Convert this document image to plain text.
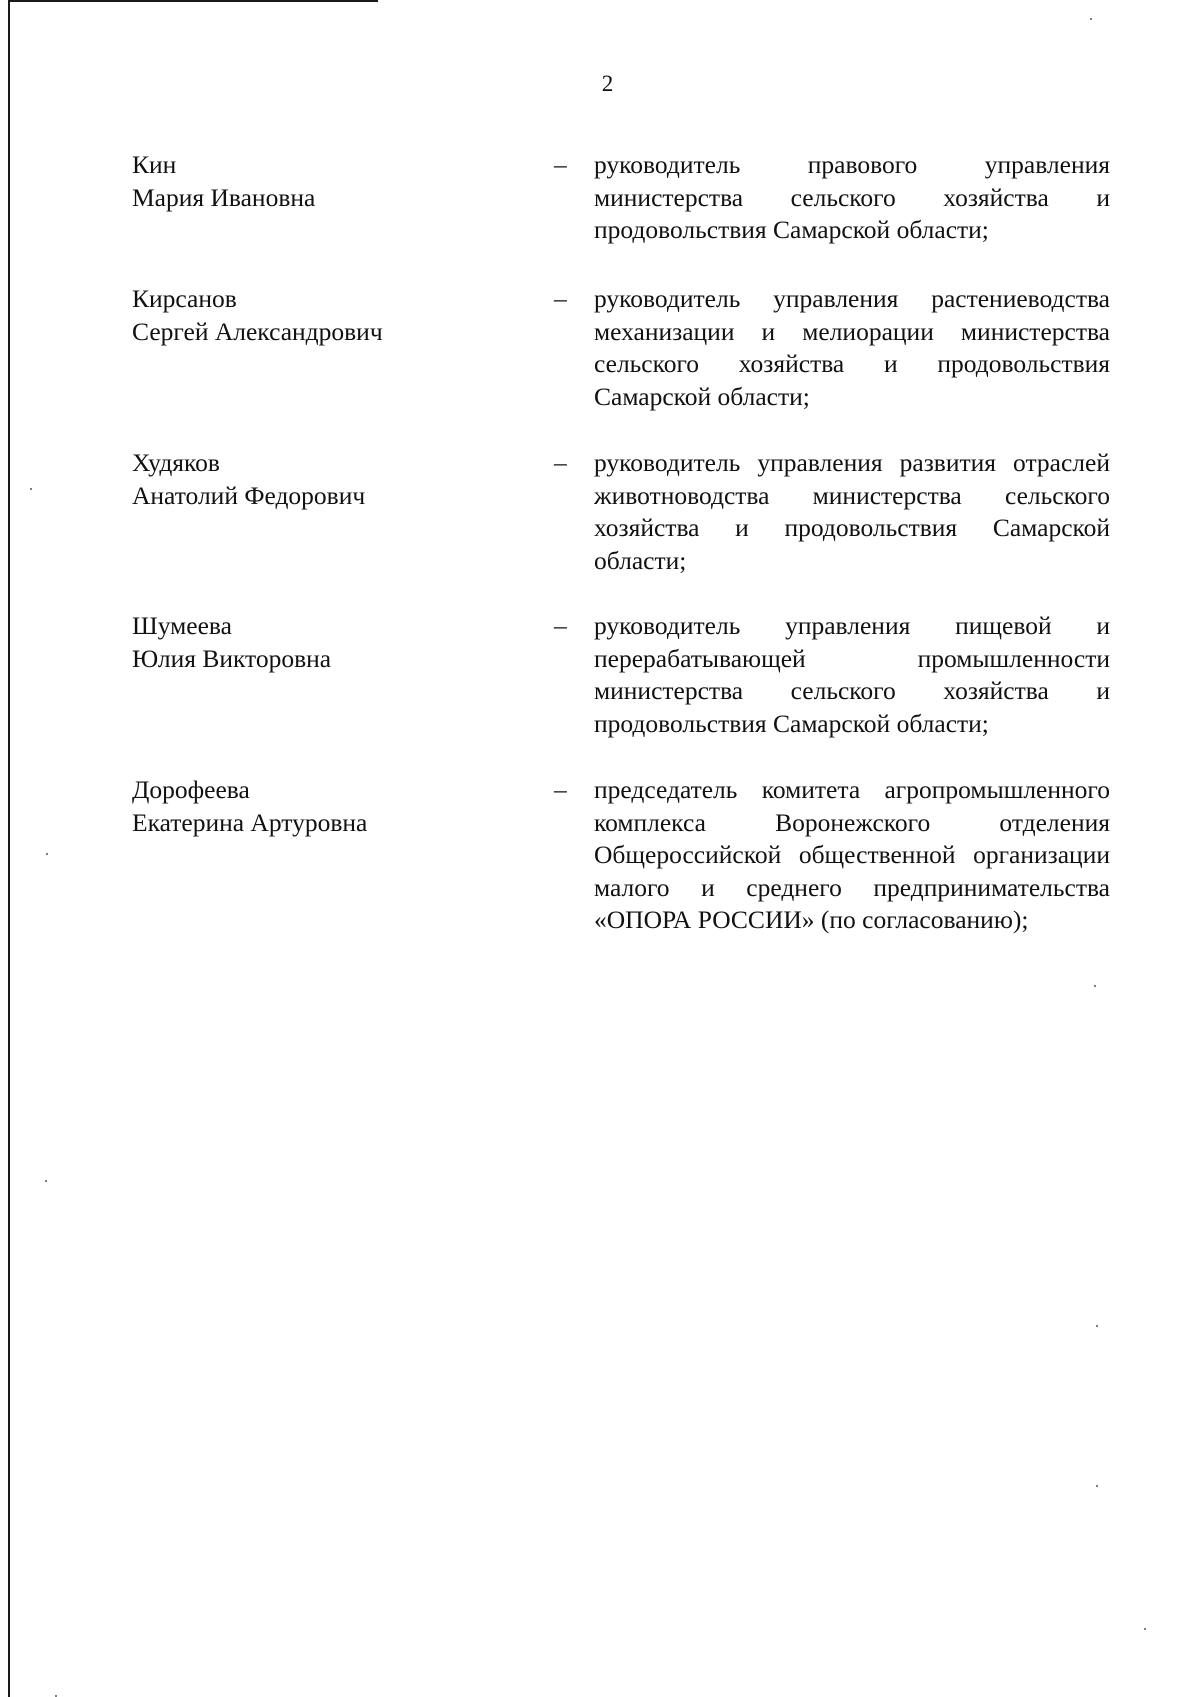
2
Кин
Мария Ивановна
– руководитель правового управления министерства сельского хозяйства и продовольствия Самарской области;
Кирсанов
Сергей Александрович
– руководитель управления растениеводства механизации и мелиорации министерства сельского хозяйства и продовольствия Самарской области;
Худяков
Анатолий Федорович
– руководитель управления развития отраслей животноводства министерства сельского хозяйства и продовольствия Самарской области;
Шумеева
Юлия Викторовна
– руководитель управления пищевой и перерабатывающей промышленности министерства сельского хозяйства и продовольствия Самарской области;
Дорофеева
Екатерина Артуровна
– председатель комитета агропромышленного комплекса Воронежского отделения Общероссийской общественной организации малого и среднего предпринимательства «ОПОРА РОССИИ» (по согласованию);
